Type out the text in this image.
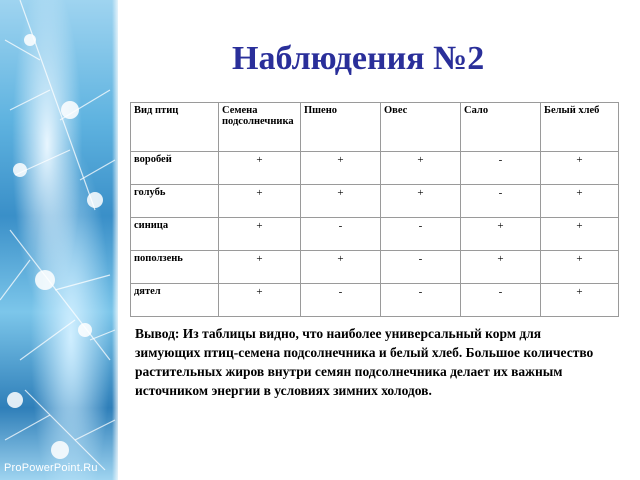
ProPowerPoint.Ru
Наблюдения №2
Вид птиц	Семена подсолнечника	Пшено	Овес	Сало	Белый хлеб
воробей	+	+	+	-	+
голубь	+	+	+	-	+
синица	+	-	-	+	+
поползень	+	+	-	+	+
дятел	+	-	-	-	+
Вывод: Из таблицы видно, что наиболее универсальный корм для зимующих птиц-семена подсолнечника и белый хлеб. Большое количество растительных жиров внутри семян подсолнечника делает их важным источником энергии в условиях зимних холодов.
